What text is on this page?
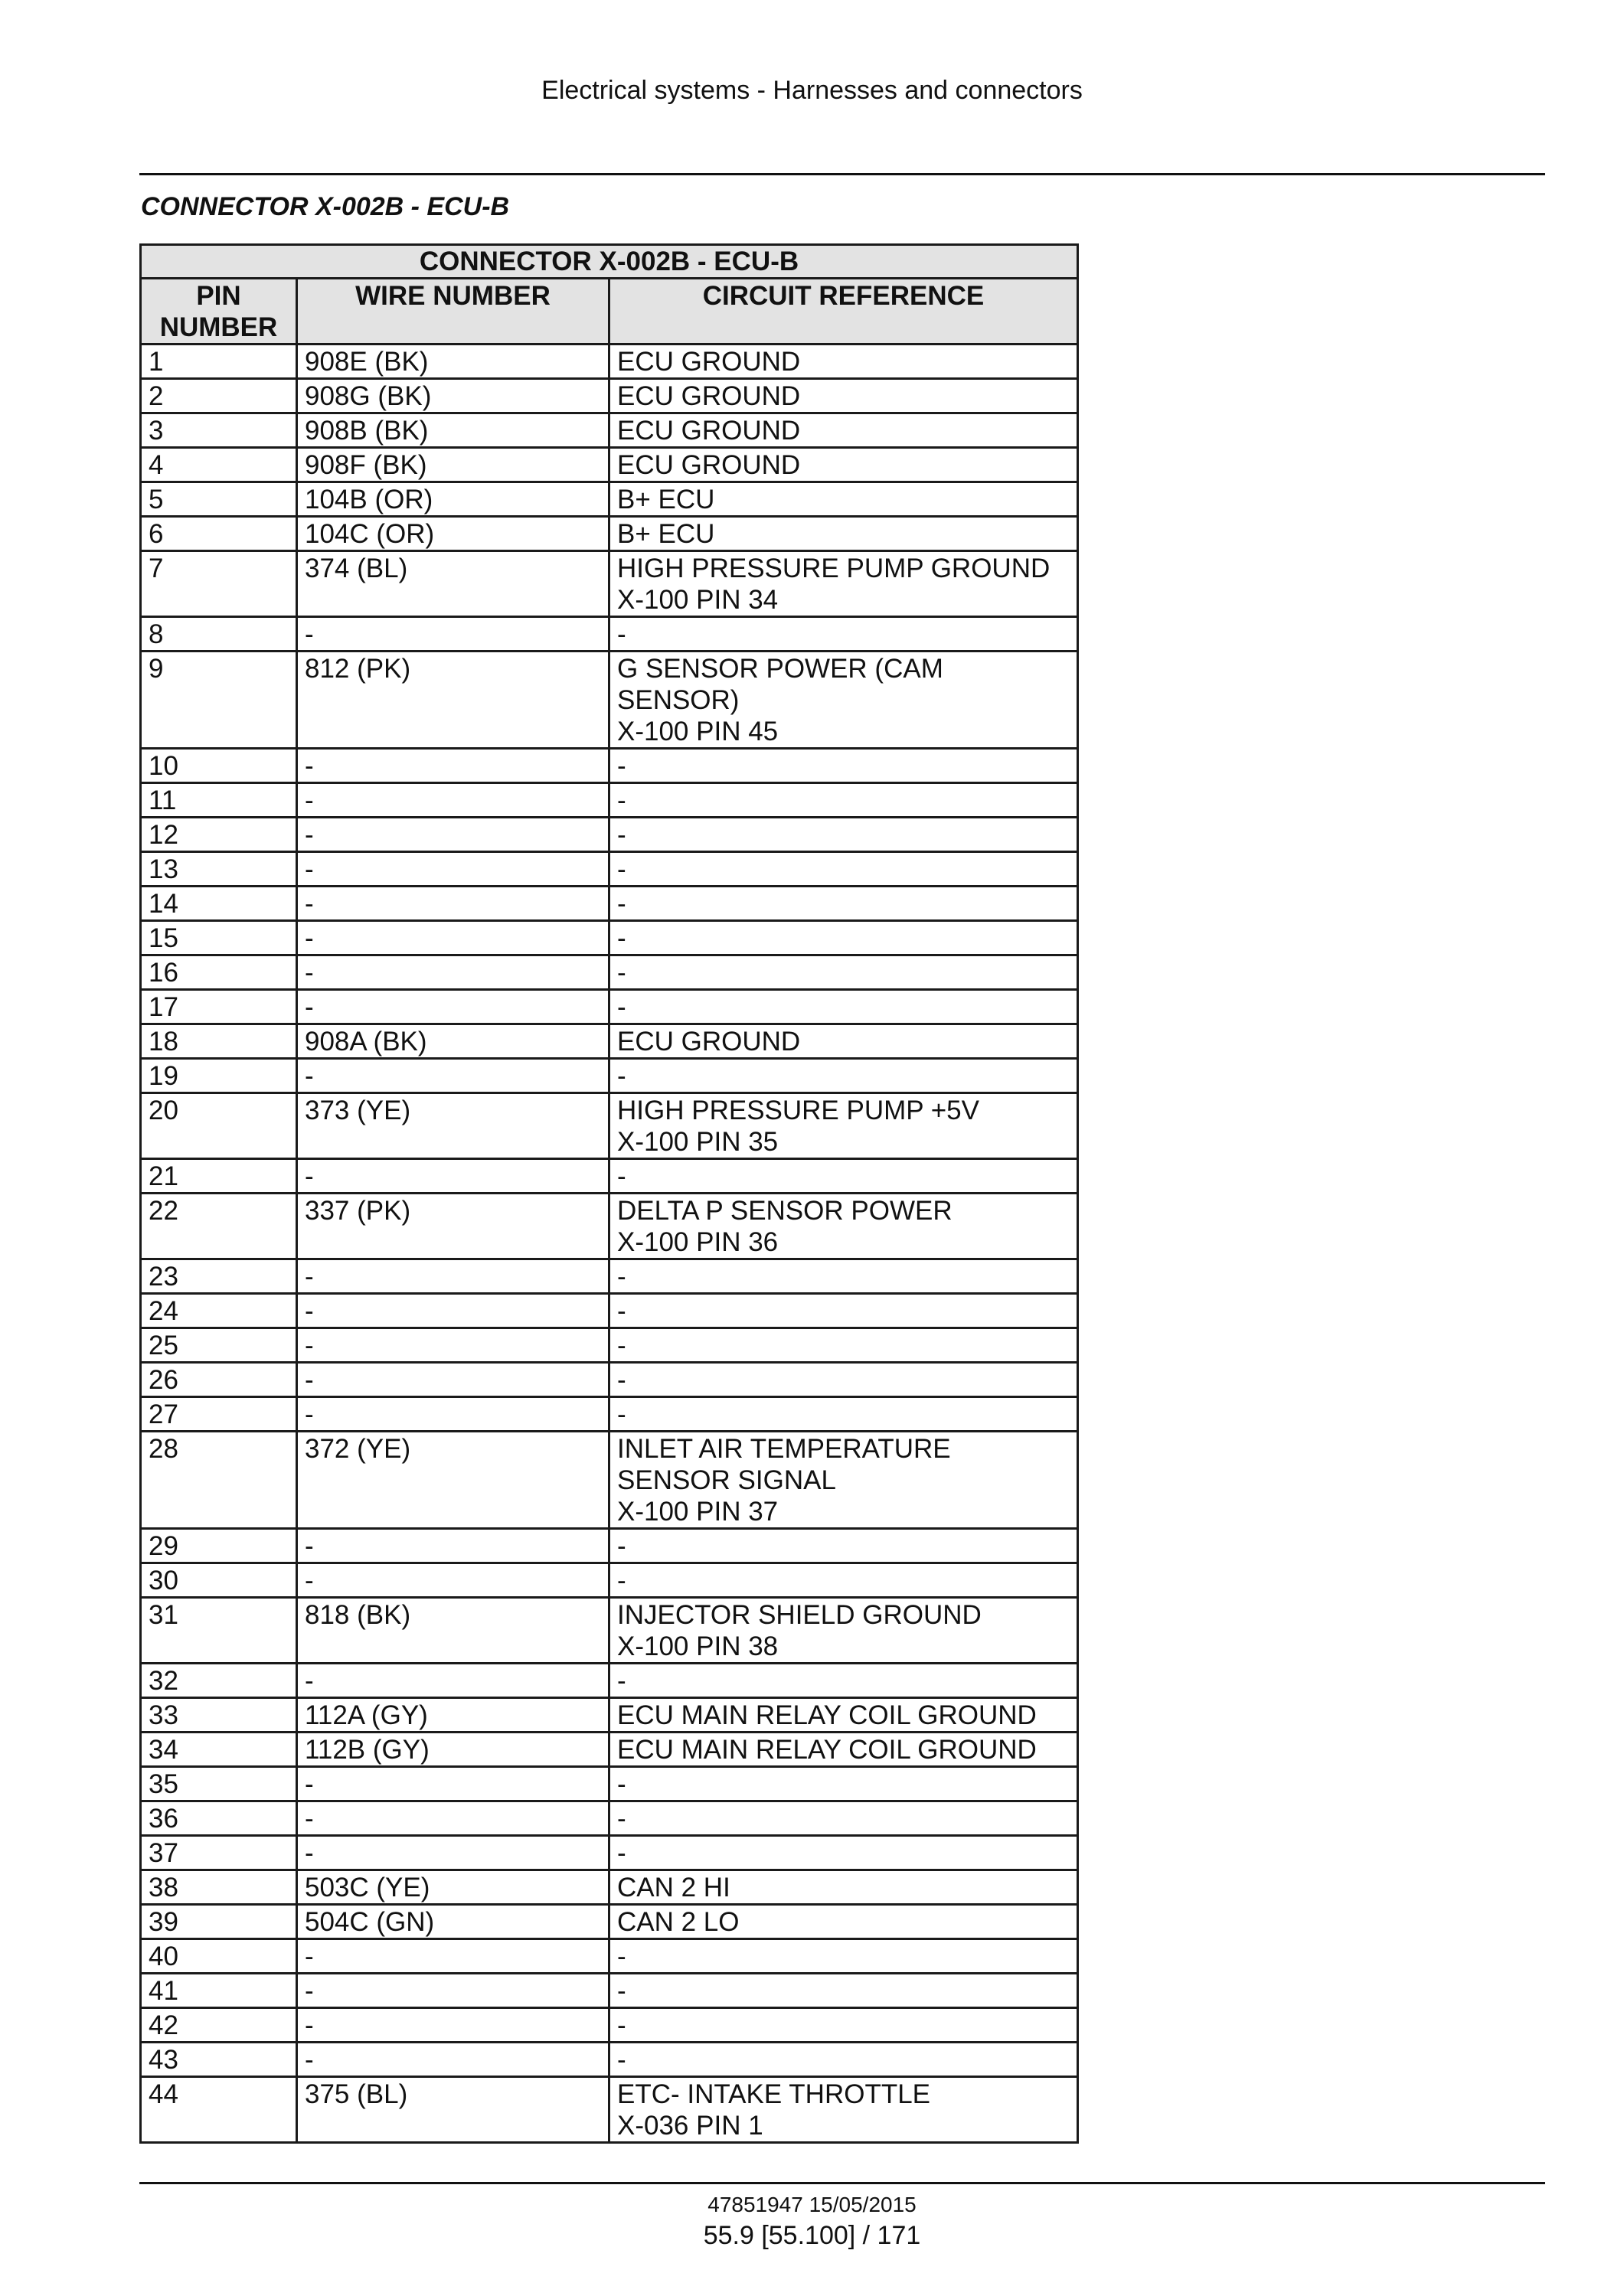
Electrical systems - Harnesses and connectors
CONNECTOR X-002B - ECU-B
CONNECTOR X-002B - ECU-B		
PIN NUMBER	WIRE NUMBER	CIRCUIT REFERENCE
1	908E (BK)	ECU GROUND

2	908G (BK)	ECU GROUND

3	908B (BK)	ECU GROUND

4	908F (BK)	ECU GROUND

5	104B (OR)	B+ ECU

6	104C (OR)	B+ ECU

7	374 (BL)	HIGH PRESSURE PUMP GROUND
X-100 PIN 34

8	-	-

9	812 (PK)	G SENSOR POWER (CAM
SENSOR)
X-100 PIN 45

10	-	-

11	-	-

12	-	-

13	-	-

14	-	-

15	-	-

16	-	-

17	-	-

18	908A (BK)	ECU GROUND

19	-	-

20	373 (YE)	HIGH PRESSURE PUMP +5V
X-100 PIN 35

21	-	-

22	337 (PK)	DELTA P SENSOR POWER
X-100 PIN 36

23	-	-

24	-	-

25	-	-

26	-	-

27	-	-

28	372 (YE)	INLET AIR TEMPERATURE
SENSOR SIGNAL
X-100 PIN 37

29	-	-

30	-	-

31	818 (BK)	INJECTOR SHIELD GROUND
X-100 PIN 38

32	-	-

33	112A (GY)	ECU MAIN RELAY COIL GROUND

34	112B (GY)	ECU MAIN RELAY COIL GROUND

35	-	-

36	-	-

37	-	-

38	503C (YE)	CAN 2 HI

39	504C (GN)	CAN 2 LO

40	-	-

41	-	-

42	-	-

43	-	-

44	375 (BL)	ETC- INTAKE THROTTLE
X-036 PIN 1
47851947 15/05/2015
55.9 [55.100] / 171
